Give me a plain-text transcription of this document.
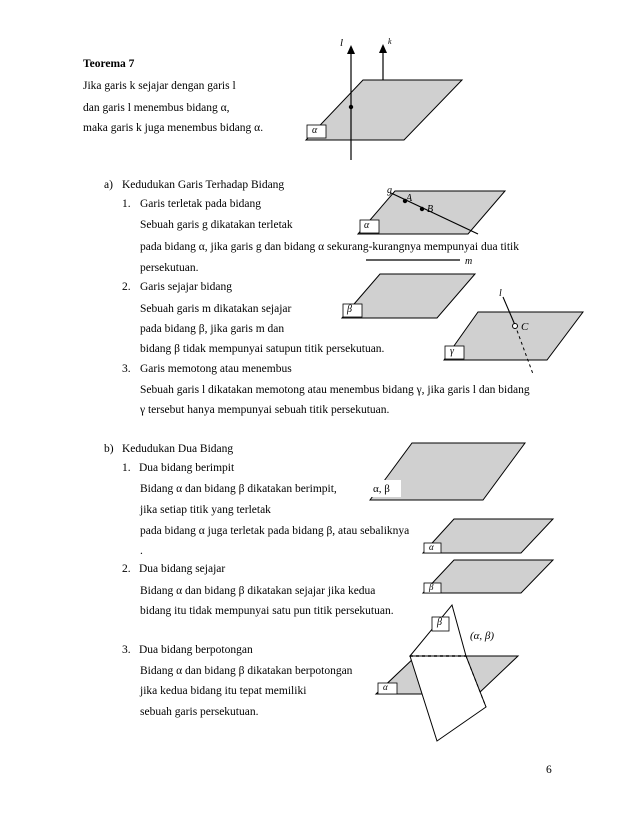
Teorema 7
Jika garis k sejajar dengan garis l
dan garis l menembus bidang α,
maka garis k juga menembus bidang α.
l	k
α
a) Kedudukan Garis Terhadap Bidang
1. Garis terletak pada bidang
Sebuah garis g dikatakan terletak
pada bidang α, jika garis g dan bidang α sekurang-kurangnya mempunyai dua titik
persekutuan.
2. Garis sejajar bidang
Sebuah garis m dikatakan sejajar
pada bidang β, jika garis m dan
bidang β tidak mempunyai satupun titik persekutuan.
3. Garis memotong atau menembus
Sebuah garis l dikatakan memotong atau menembus bidang γ, jika garis l dan bidang
γ tersebut hanya mempunyai sebuah titik persekutuan.
g
A
B
α
m
β
l
C
γ
b) Kedudukan Dua Bidang
1. Dua bidang berimpit
Bidang α dan bidang β dikatakan berimpit,
jika setiap titik yang terletak
pada bidang α juga terletak pada bidang β, atau sebaliknya
.
2. Dua bidang sejajar
Bidang α dan bidang β dikatakan sejajar jika kedua
bidang itu tidak mempunyai satu pun titik persekutuan.
3. Dua bidang berpotongan
Bidang α dan bidang β dikatakan berpotongan
jika kedua bidang itu tepat memiliki
sebuah garis persekutuan.
α, β
α
β
β
α
(α, β)
6
